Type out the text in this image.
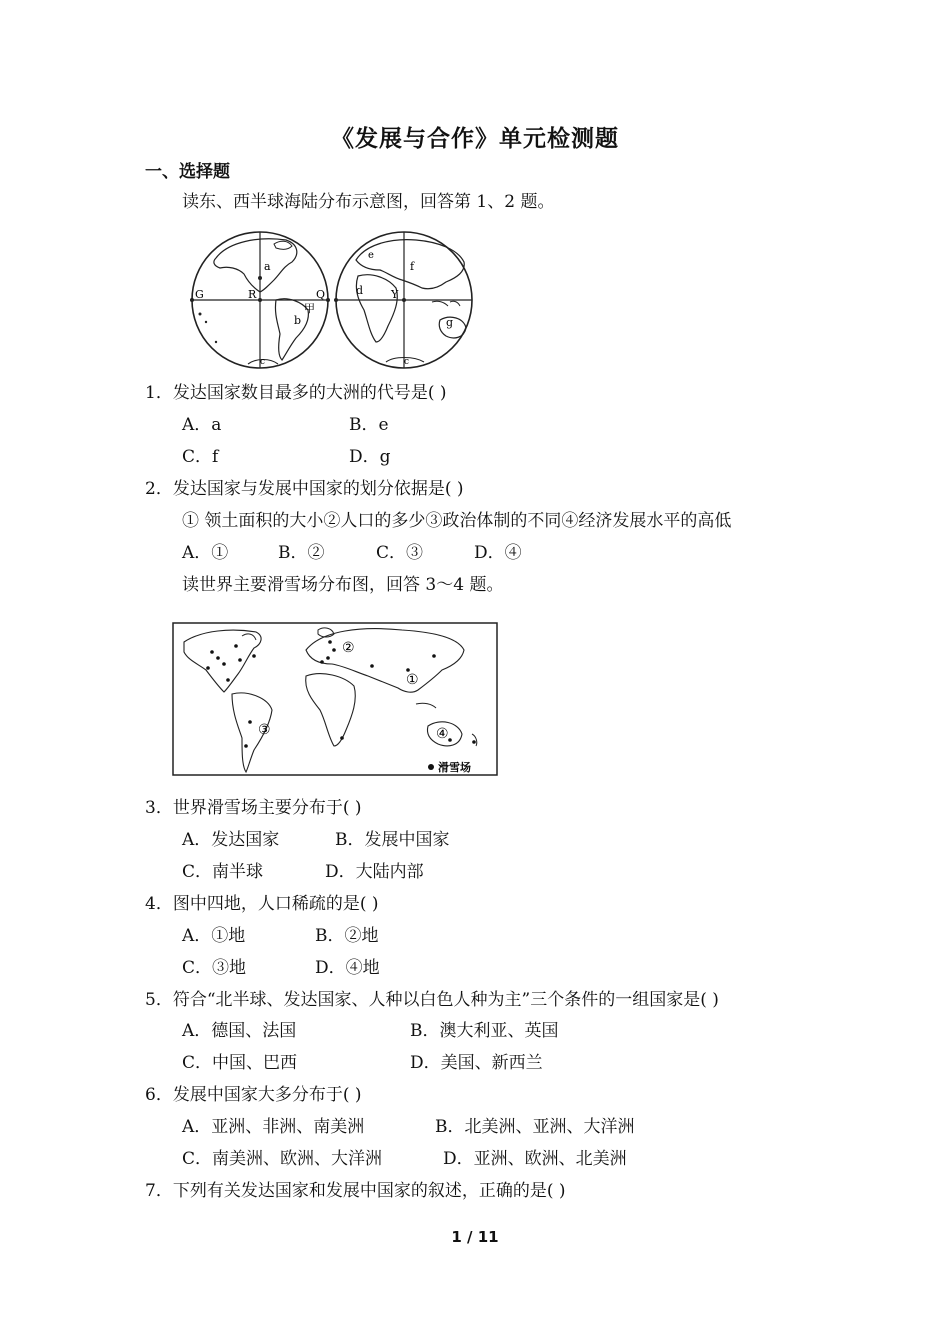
《发展与合作》单元检测题
一、选择题
读东、西半球海陆分布示意图，回答第 1、2 题。
a
b
c
d
e
f
g
G	R	Q	Y
甲
c
1．发达国家数目最多的大洲的代号是( )
A．a	B．e
C．f	D．g
2．发达国家与发展中国家的划分依据是( )
① 领土面积的大小②人口的多少③政治体制的不同④经济发展水平的高低
A．①	B．②	C．③	D．④
读世界主要滑雪场分布图，回答 3～4 题。
①
②
③	④
滑雪场
3．世界滑雪场主要分布于( )
A．发达国家	B．发展中国家
C．南半球	D．大陆内部
4．图中四地，人口稀疏的是( )
A．①地	B．②地
C．③地	D．④地
5．符合“北半球、发达国家、人种以白色人种为主”三个条件的一组国家是( )
A．德国、法国	B．澳大利亚、英国
C．中国、巴西	D．美国、新西兰
6．发展中国家大多分布于( )
A．亚洲、非洲、南美洲	B．北美洲、亚洲、大洋洲
C．南美洲、欧洲、大洋洲	D．亚洲、欧洲、北美洲
7．下列有关发达国家和发展中国家的叙述，正确的是( )
1 / 11
